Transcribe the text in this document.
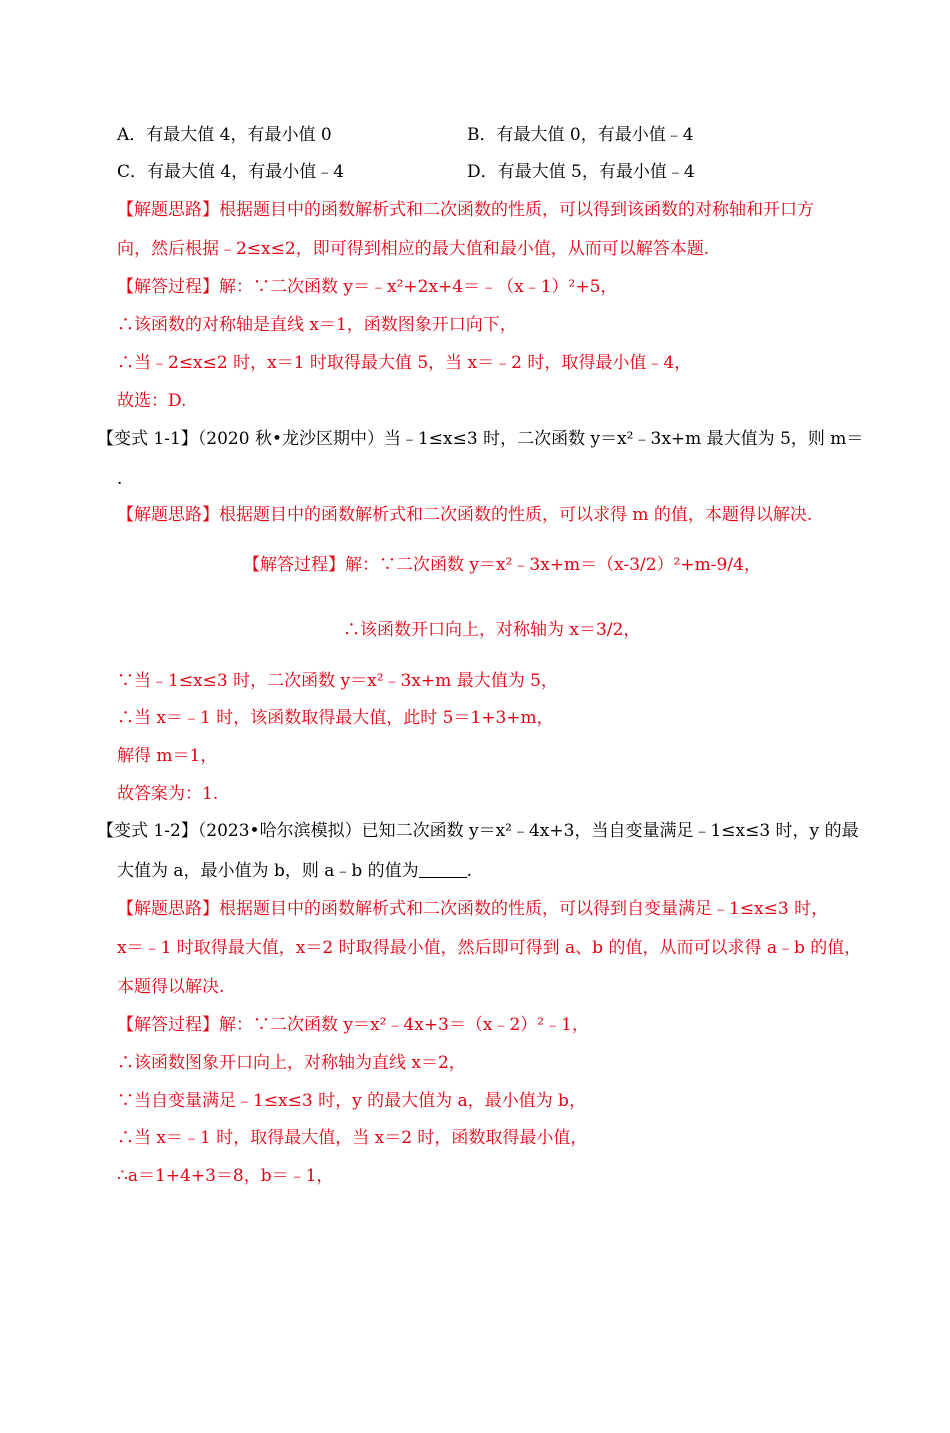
A．有最大值 4，有最小值 0	B．有最大值 0，有最小值﹣4
C．有最大值 4，有最小值﹣4	D．有最大值 5，有最小值﹣4
【解题思路】根据题目中的函数解析式和二次函数的性质，可以得到该函数的对称轴和开口方
向，然后根据﹣2≤x≤2，即可得到相应的最大值和最小值，从而可以解答本题.
【解答过程】解：∵二次函数 y＝﹣x²+2x+4＝﹣（x﹣1）²+5，
∴该函数的对称轴是直线 x＝1，函数图象开口向下，
∴当﹣2≤x≤2 时，x＝1 时取得最大值 5，当 x＝﹣2 时，取得最小值﹣4，
故选：D.
【变式 1-1】（2020 秋•龙沙区期中）当﹣1≤x≤3 时，二次函数 y＝x²﹣3x+m 最大值为 5，则 m＝
.
【解题思路】根据题目中的函数解析式和二次函数的性质，可以求得 m 的值，本题得以解决.
【解答过程】解：∵二次函数 y＝x²﹣3x+m＝（x-3/2）²+m-9/4，
∴该函数开口向上，对称轴为 x＝3/2，
∵当﹣1≤x≤3 时，二次函数 y＝x²﹣3x+m 最大值为 5，
∴当 x＝﹣1 时，该函数取得最大值，此时 5＝1+3+m，
解得 m＝1，
故答案为：1.
【变式 1-2】（2023•哈尔滨模拟）已知二次函数 y＝x²﹣4x+3，当自变量满足﹣1≤x≤3 时，y 的最
大值为 a，最小值为 b，则 a﹣b 的值为	.
【解题思路】根据题目中的函数解析式和二次函数的性质，可以得到自变量满足﹣1≤x≤3 时，
x＝﹣1 时取得最大值，x＝2 时取得最小值，然后即可得到 a、b 的值，从而可以求得 a﹣b 的值，
本题得以解决.
【解答过程】解：∵二次函数 y＝x²﹣4x+3＝（x﹣2）²﹣1，
∴该函数图象开口向上，对称轴为直线 x＝2，
∵当自变量满足﹣1≤x≤3 时，y 的最大值为 a，最小值为 b，
∴当 x＝﹣1 时，取得最大值，当 x＝2 时，函数取得最小值，
∴a＝1+4+3＝8，b＝﹣1，
